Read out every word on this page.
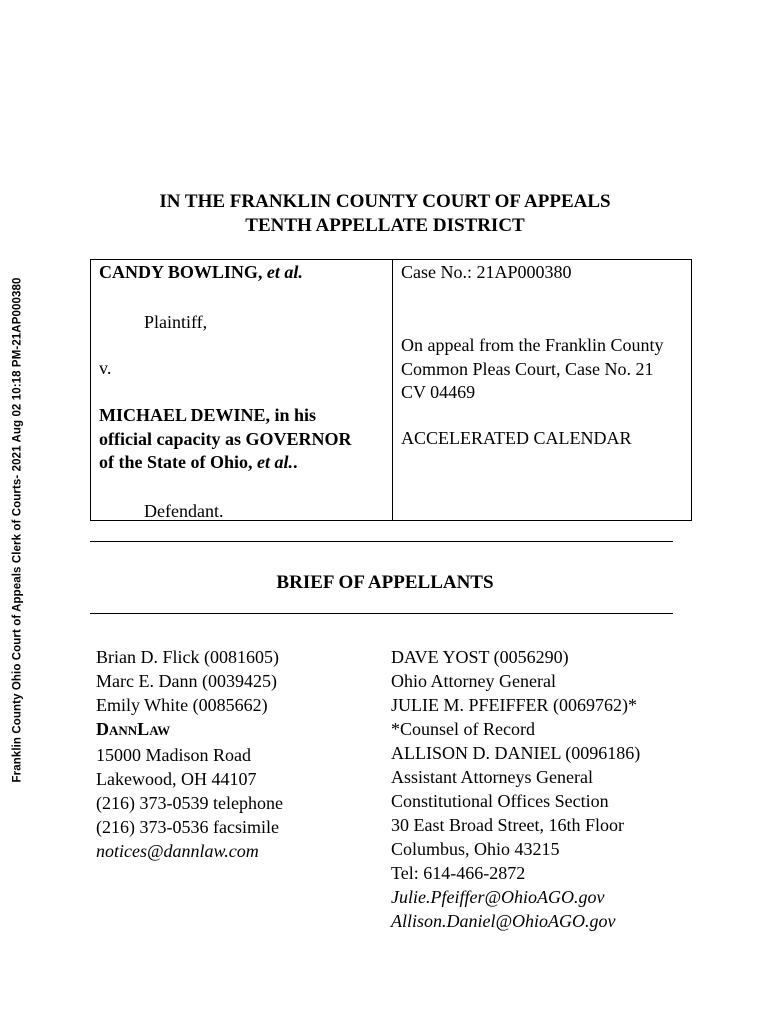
Franklin County Ohio Court of Appeals Clerk of Courts- 2021 Aug 02 10:18 PM-21AP000380
IN THE FRANKLIN COUNTY COURT OF APPEALS
TENTH APPELLATE DISTRICT
CANDY BOWLING, et al.
Plaintiff,
v.
MICHAEL DEWINE, in his
official capacity as GOVERNOR
of the State of Ohio, et al..
Defendant.
Case No.: 21AP000380
On appeal from the Franklin County
Common Pleas Court, Case No. 21
CV 04469
ACCELERATED CALENDAR
BRIEF OF APPELLANTS
Brian D. Flick (0081605)
Marc E. Dann (0039425)
Emily White (0085662)
DANNLAW
15000 Madison Road
Lakewood, OH 44107
(216) 373-0539 telephone
(216) 373-0536 facsimile
notices@dannlaw.com
DAVE YOST (0056290)
Ohio Attorney General
JULIE M. PFEIFFER (0069762)*
*Counsel of Record
ALLISON D. DANIEL (0096186)
Assistant Attorneys General
Constitutional Offices Section
30 East Broad Street, 16th Floor
Columbus, Ohio 43215
Tel: 614-466-2872
Julie.Pfeiffer@OhioAGO.gov
Allison.Daniel@OhioAGO.gov
